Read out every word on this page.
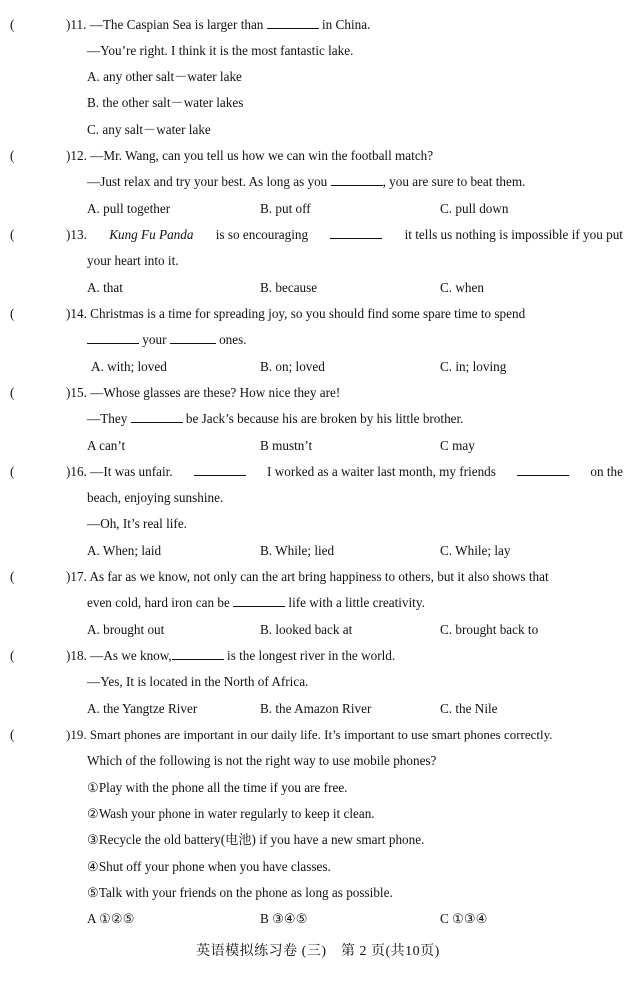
(	)11. —The Caspian Sea is larger than	in China.
—You’re right. I think it is the most fantastic lake.
A. any other salt－water lake
B. the other salt－water lakes
C. any salt－water lake
(	)12. —Mr. Wang, can you tell us how we can win the football match?
—Just relax and try your best. As long as you	, you are sure to beat them.
A. pull together	B. put off	C. pull down
(	)13. Kung Fu Panda is so encouraging	it tells us nothing is impossible if you put
your heart into it.
A. that	B. because	C. when
(	)14. Christmas is a time for spreading joy, so you should find some spare time to spend
your	ones.
A. with; loved	B. on; loved	C. in; loving
(	)15. —Whose glasses are these? How nice they are!
—They	be Jack’s because his are broken by his little brother.
A can’t	B mustn’t	C may
(	)16. —It was unfair.	I worked as a waiter last month, my friends	on the
beach, enjoying sunshine.
—Oh, It’s real life.
A. When; laid	B. While; lied	C. While; lay
(	)17. As far as we know, not only can the art bring happiness to others, but it also shows that
even cold, hard iron can be	life with a little creativity.
A. brought out	B. looked back at	C. brought back to
(	)18. —As we know,	is the longest river in the world.
—Yes, It is located in the North of Africa.
A. the Yangtze River	B. the Amazon River	C. the Nile
(	)19. Smart phones are important in our daily life. It’s important to use smart phones correctly.
Which of the following is not the right way to use mobile phones?
①Play with the phone all the time if you are free.
②Wash your phone in water regularly to keep it clean.
③Recycle the old battery(电池) if you have a new smart phone.
④Shut off your phone when you have classes.
⑤Talk with your friends on the phone as long as possible.
A ①②⑤	B ③④⑤	C ①③④
英语模拟练习卷 (三)　第 2 页(共10页)
